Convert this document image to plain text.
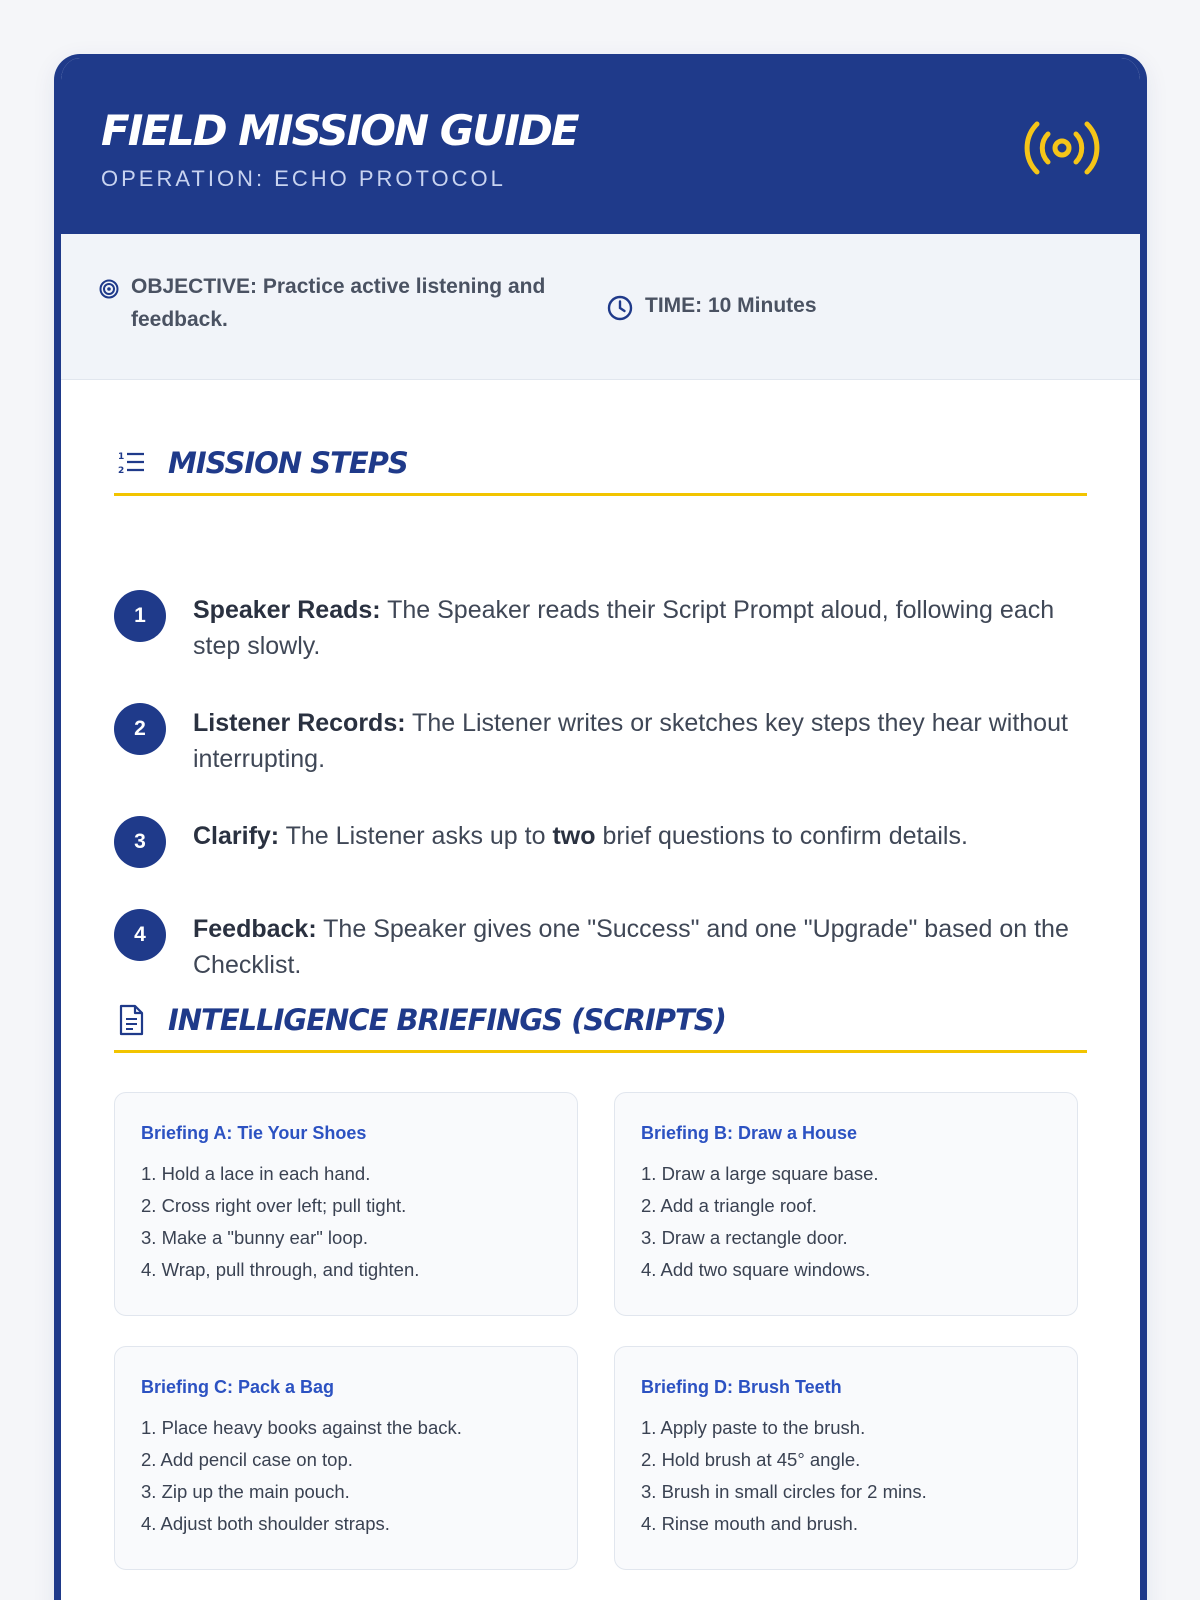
FIELD MISSION GUIDE
OPERATION: ECHO PROTOCOL
OBJECTIVE: Practice active listening and feedback.
TIME: 10 Minutes
1
2 MISSION STEPS
1	Speaker Reads: The Speaker reads their Script Prompt aloud, following each step slowly.
2	Listener Records: The Listener writes or sketches key steps they hear without interrupting.
3	Clarify: The Listener asks up to two brief questions to confirm details.
4	Feedback: The Speaker gives one "Success" and one "Upgrade" based on the Checklist.
INTELLIGENCE BRIEFINGS (SCRIPTS)
Briefing A: Tie Your Shoes
1. Hold a lace in each hand.
2. Cross right over left; pull tight.
3. Make a "bunny ear" loop.
4. Wrap, pull through, and tighten.
Briefing B: Draw a House
1. Draw a large square base.
2. Add a triangle roof.
3. Draw a rectangle door.
4. Add two square windows.
Briefing C: Pack a Bag
1. Place heavy books against the back.
2. Add pencil case on top.
3. Zip up the main pouch.
4. Adjust both shoulder straps.
Briefing D: Brush Teeth
1. Apply paste to the brush.
2. Hold brush at 45° angle.
3. Brush in small circles for 2 mins.
4. Rinse mouth and brush.
